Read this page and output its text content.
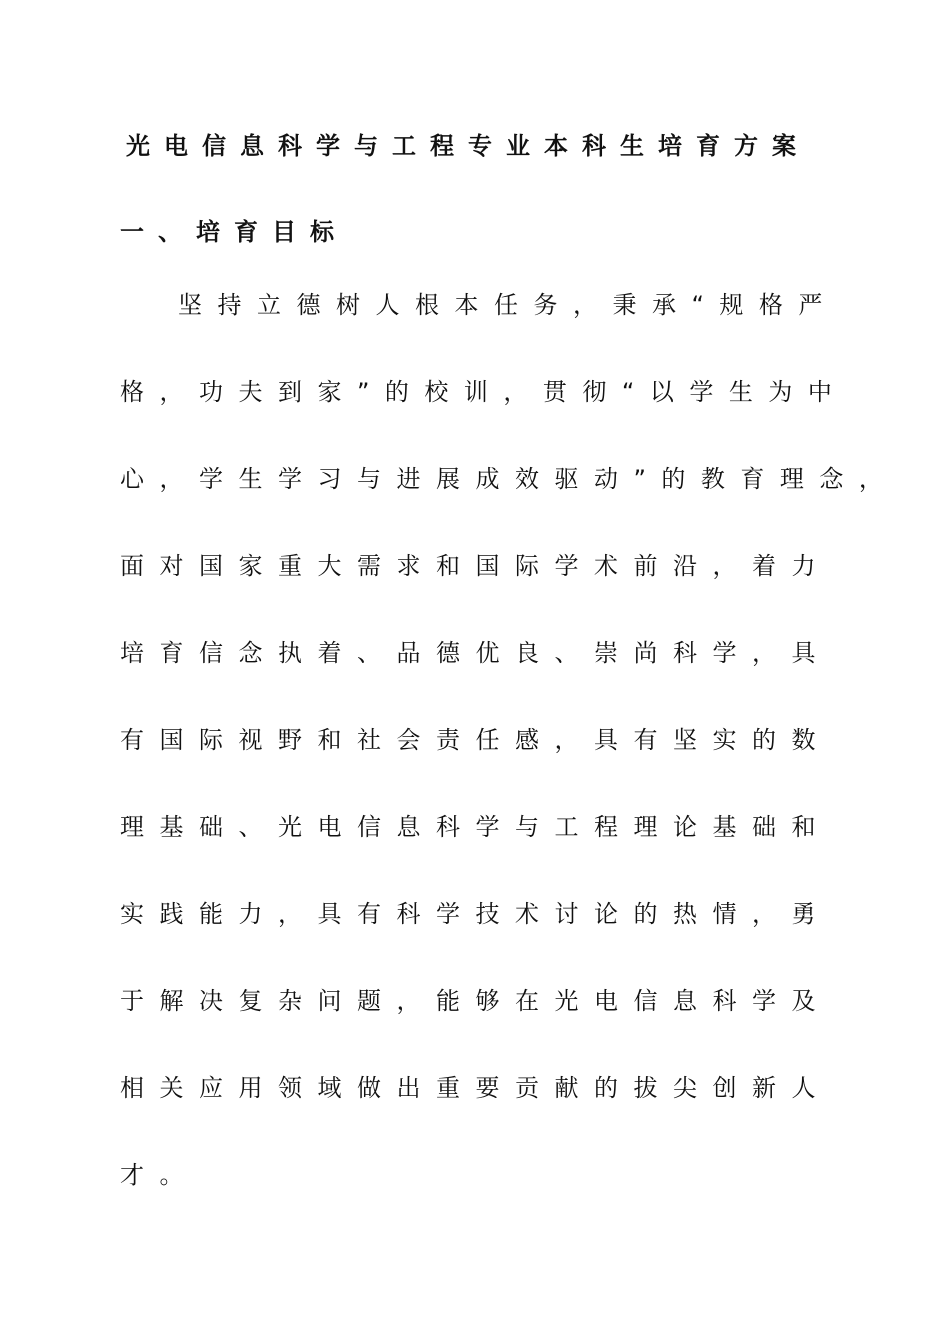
光电信息科学与工程专业本科生培育方案
一、培育目标
坚持立德树人根本任务，秉承“规格严
格，功夫到家”的校训，贯彻“以学生为中
心，学生学习与进展成效驱动”的教育理念，
面对国家重大需求和国际学术前沿，着力
培育信念执着、品德优良、崇尚科学，具
有国际视野和社会责任感，具有坚实的数
理基础、光电信息科学与工程理论基础和
实践能力，具有科学技术讨论的热情，勇
于解决复杂问题，能够在光电信息科学及
相关应用领域做出重要贡献的拔尖创新人
才。
